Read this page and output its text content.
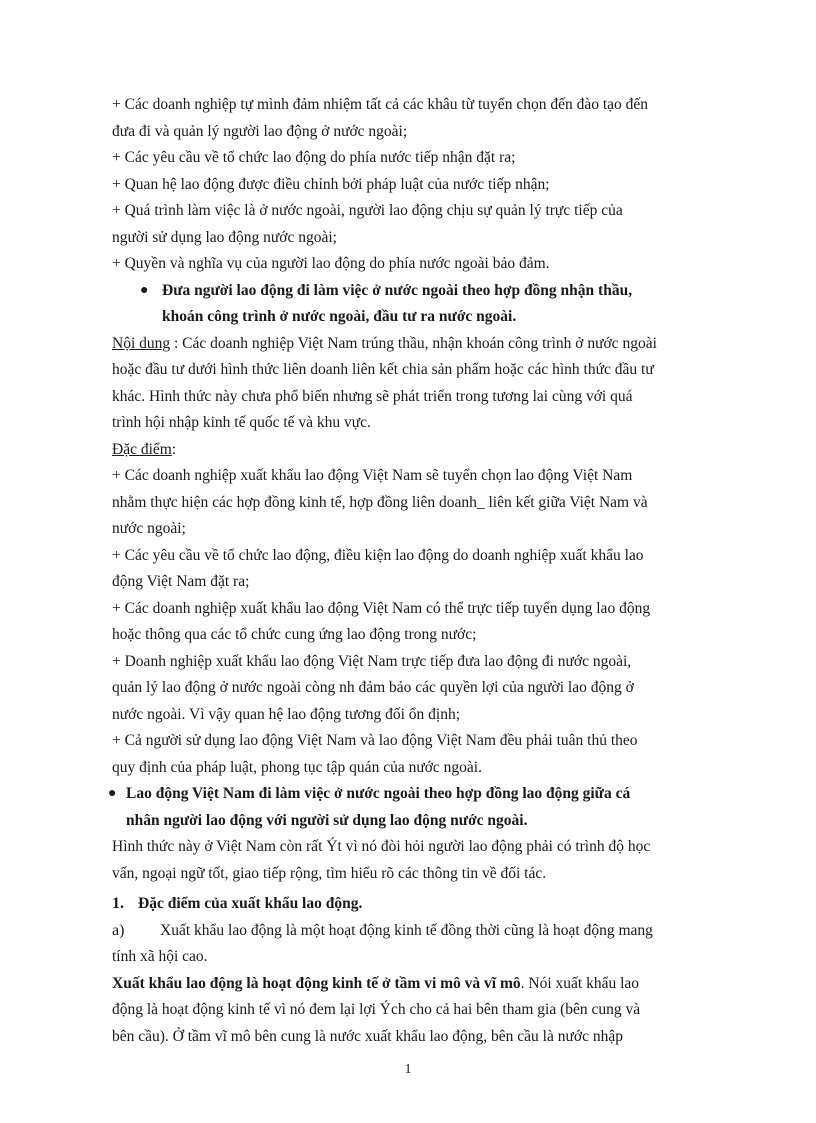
+ Các doanh nghiệp tự mình đảm nhiệm tất cả các khâu từ tuyển chọn đến đào tạo đến
đưa đi và quản lý người lao động ở nước ngoài;

+ Các yêu cầu về tổ chức lao động do phía nước tiếp nhận đặt ra;

+ Quan hệ lao động được điều chỉnh bởi pháp luật của nước tiếp nhận;

+ Quá trình làm việc là ở nước ngoài, người lao động chịu sự quản lý trực tiếp của
người sử dụng lao động nước ngoài;

+ Quyền và nghĩa vụ của người lao động do phía nước ngoài bảo đảm.

● Đưa người lao động đi làm việc ở nước ngoài theo hợp đồng nhận thầu,
khoán công trình ở nước ngoài, đầu tư ra nước ngoài.

Nội dung : Các doanh nghiệp Việt Nam trúng thầu, nhận khoán công trình ở nước ngoài
hoặc đầu tư dưới hình thức liên doanh liên kết chia sản phẩm hoặc các hình thức đầu tư
khác. Hình thức này chưa phổ biến nhưng sẽ phát triển trong tương lai cùng với quá
trình hội nhập kinh tế quốc tế và khu vực.

Đặc điểm:

+ Các doanh nghiệp xuất khẩu lao động Việt Nam sẽ tuyển chọn lao động Việt Nam
nhằm thực hiện các hợp đồng kinh tế, hợp đồng liên doanh_ liên kết giữa Việt Nam và
nước ngoài;

+ Các yêu cầu về tổ chức lao động, điều kiện lao động do doanh nghiệp xuất khẩu lao
động Việt Nam đặt ra;

+ Các doanh nghiệp xuất khẩu lao động Việt Nam có thể trực tiếp tuyển dụng lao động
hoặc thông qua các tổ chức cung ứng lao động trong nước;

+ Doanh nghiệp xuất khẩu lao động Việt Nam trực tiếp đưa lao động đi nước ngoài,
quản lý lao động ở nước ngoài còng nh đảm bảo các quyền lợi của người lao động ở
nước ngoài. Vì vậy quan hệ lao động tương đối ổn định;

+ Cả người sử dụng lao động Việt Nam và lao động Việt Nam đều phải tuân thủ theo
quy định của pháp luật, phong tục tập quán của nước ngoài.

● Lao động Việt Nam đi làm việc ở nước ngoài theo hợp đồng lao động giữa cá
nhân người lao động với người sử dụng lao động nước ngoài.

Hình thức này ở Việt Nam còn rất Ýt vì nó đòi hỏi người lao động phải có trình độ học
vấn, ngoại ngữ tốt, giao tiếp rộng, tìm hiểu rõ các thông tin về đối tác.

1. Đặc điểm của xuất khẩu lao động.

a) Xuất khẩu lao động là một hoạt động kinh tế đồng thời cũng là hoạt động mang
tính xã hội cao.

Xuất khẩu lao động là hoạt động kinh tế ở tầm vi mô và vĩ mô. Nói xuất khẩu lao
động là hoạt động kinh tế vì nó đem lại lợi Ých cho cả hai bên tham gia (bên cung và
bên cầu). Ở tầm vĩ mô bên cung là nước xuất khẩu lao động, bên cầu là nước nhập

1
